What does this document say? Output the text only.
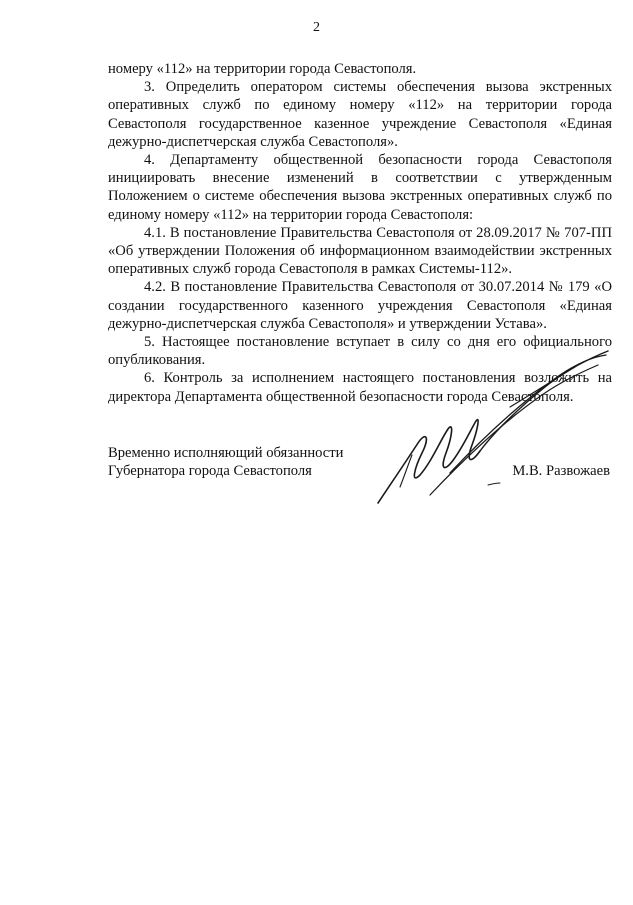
2

номеру «112» на территории города Севастополя.

3. Определить оператором системы обеспечения вызова экстренных оперативных служб по единому номеру «112» на территории города Севастополя государственное казенное учреждение Севастополя «Единая дежурно-диспетчерская служба Севастополя».

4. Департаменту общественной безопасности города Севастополя инициировать внесение изменений в соответствии с утвержденным Положением о системе обеспечения вызова экстренных оперативных служб по единому номеру «112» на территории города Севастополя:

4.1. В постановление Правительства Севастополя от 28.09.2017 № 707-ПП «Об утверждении Положения об информационном взаимодействии экстренных оперативных служб города Севастополя в рамках Системы-112».

4.2. В постановление Правительства Севастополя от 30.07.2014 № 179 «О создании государственного казенного учреждения Севастополя «Единая дежурно-диспетчерская служба Севастополя» и утверждении Устава».

5. Настоящее постановление вступает в силу со дня его официального опубликования.

6. Контроль за исполнением настоящего постановления возложить на директора Департамента общественной безопасности города Севастополя.

Временно исполняющий обязанности
Губернатора города Севастополя	М.В. Развожаев
